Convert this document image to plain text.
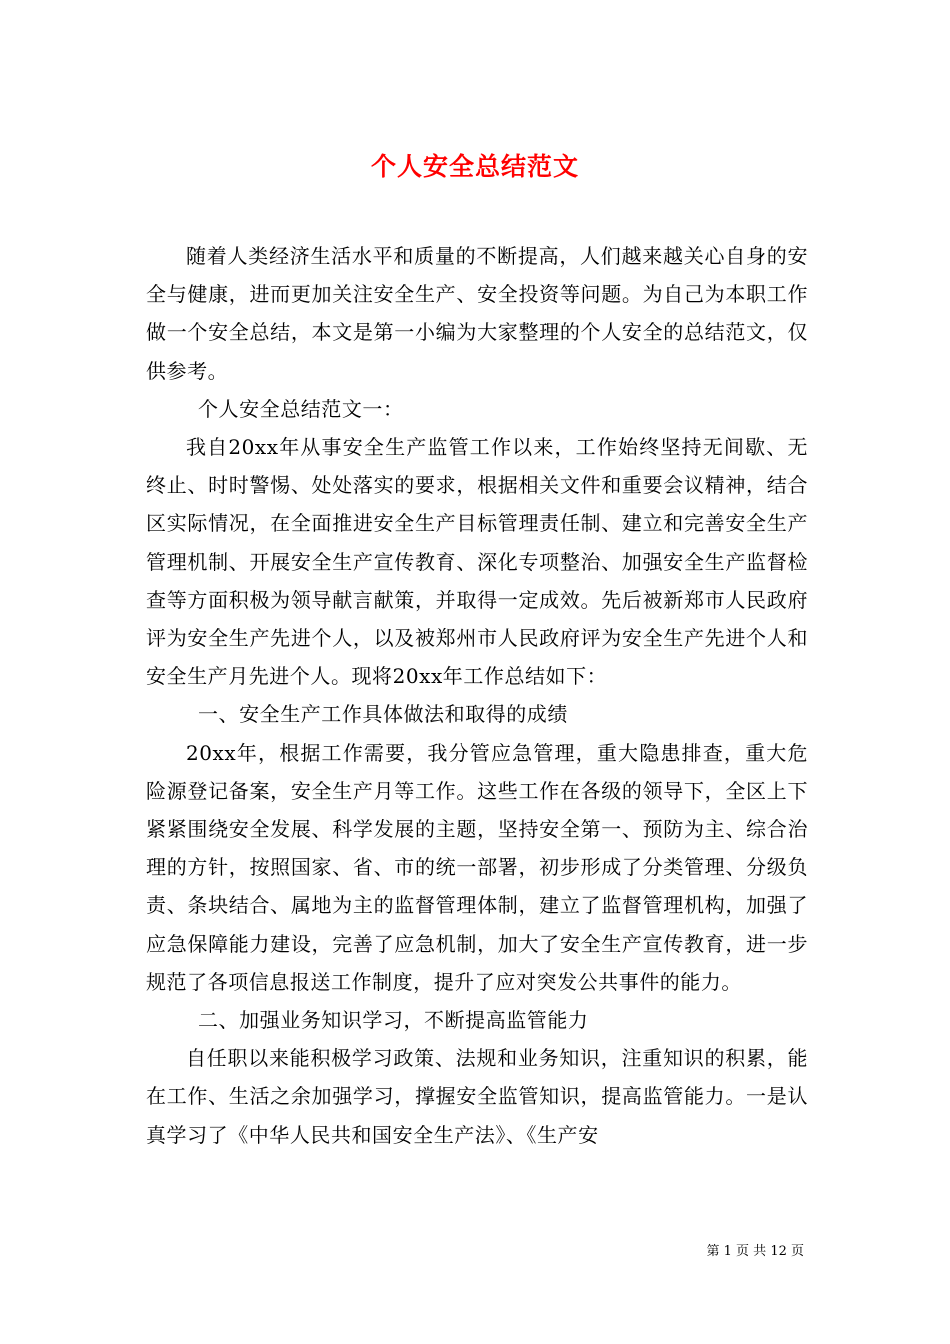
个人安全总结范文

随着人类经济生活水平和质量的不断提高，人们越来越关心自身的安全与健康，进而更加关注安全生产、安全投资等问题。为自己为本职工作做一个安全总结，本文是第一小编为大家整理的个人安全的总结范文，仅供参考。

个人安全总结范文一：

我自20xx年从事安全生产监管工作以来，工作始终坚持无间歇、无终止、时时警惕、处处落实的要求，根据相关文件和重要会议精神，结合区实际情况，在全面推进安全生产目标管理责任制、建立和完善安全生产管理机制、开展安全生产宣传教育、深化专项整治、加强安全生产监督检查等方面积极为领导献言献策，并取得一定成效。先后被新郑市人民政府评为安全生产先进个人，以及被郑州市人民政府评为安全生产先进个人和安全生产月先进个人。现将20xx年工作总结如下：

一、安全生产工作具体做法和取得的成绩

20xx年，根据工作需要，我分管应急管理，重大隐患排查，重大危险源登记备案，安全生产月等工作。这些工作在各级的领导下，全区上下紧紧围绕安全发展、科学发展的主题，坚持安全第一、预防为主、综合治理的方针，按照国家、省、市的统一部署，初步形成了分类管理、分级负责、条块结合、属地为主的监督管理体制，建立了监督管理机构，加强了应急保障能力建设，完善了应急机制，加大了安全生产宣传教育，进一步规范了各项信息报送工作制度，提升了应对突发公共事件的能力。

二、加强业务知识学习，不断提高监管能力

自任职以来能积极学习政策、法规和业务知识，注重知识的积累，能在工作、生活之余加强学习，撑握安全监管知识，提高监管能力。一是认真学习了《中华人民共和国安全生产法》、《生产安

第 1 页 共 12 页
